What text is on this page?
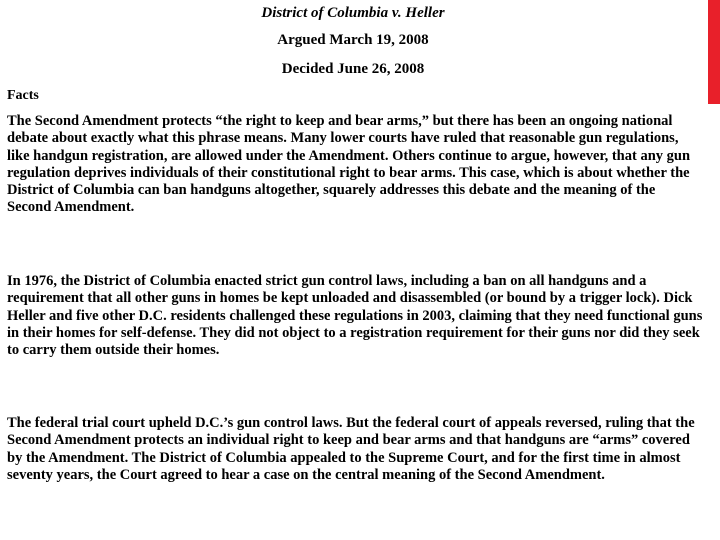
District of Columbia v. Heller
Argued March 19, 2008
Decided June 26, 2008
Facts

The Second Amendment protects “the right to keep and bear arms,” but there has been an ongoing national debate about exactly what this phrase means. Many lower courts have ruled that reasonable gun regulations, like handgun registration, are allowed under the Amendment. Others continue to argue, however, that any gun regulation deprives individuals of their constitutional right to bear arms. This case, which is about whether the District of Columbia can ban handguns altogether, squarely addresses this debate and the meaning of the Second Amendment.

In 1976, the District of Columbia enacted strict gun control laws, including a ban on all handguns and a requirement that all other guns in homes be kept unloaded and disassembled (or bound by a trigger lock). Dick Heller and five other D.C. residents challenged these regulations in 2003, claiming that they need functional guns in their homes for self-defense. They did not object to a registration requirement for their guns nor did they seek to carry them outside their homes.

The federal trial court upheld D.C.’s gun control laws. But the federal court of appeals reversed, ruling that the Second Amendment protects an individual right to keep and bear arms and that handguns are “arms” covered by the Amendment. The District of Columbia appealed to the Supreme Court, and for the first time in almost seventy years, the Court agreed to hear a case on the central meaning of the Second Amendment.
